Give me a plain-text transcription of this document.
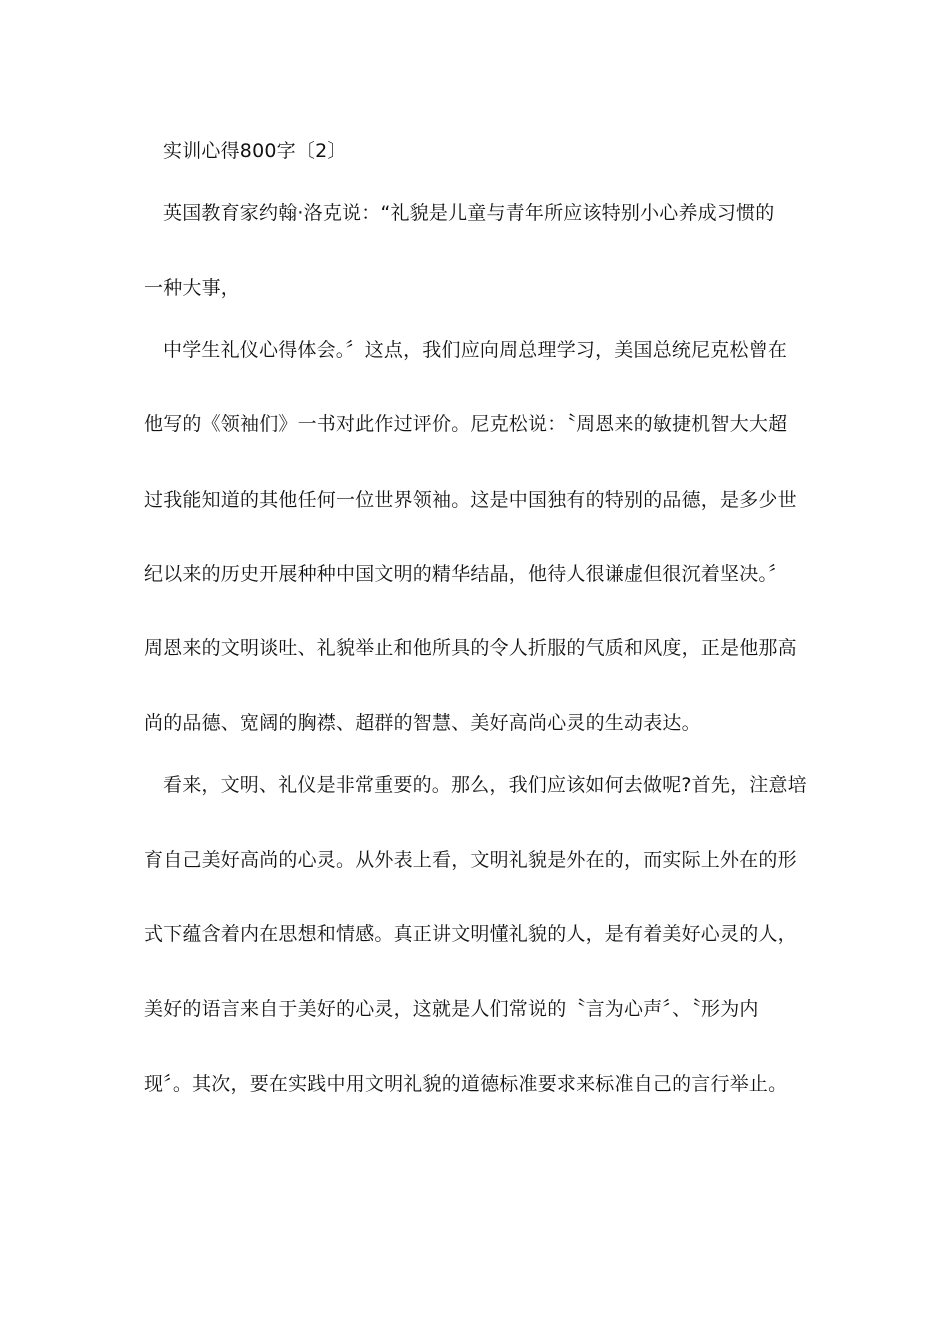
实训心得800字〔2〕
英国教育家约翰·洛克说：“礼貌是儿童与青年所应该特别小心养成习惯的
一种大事，
中学生礼仪心得体会。〞这点，我们应向周总理学习，美国总统尼克松曾在
他写的《领袖们》一书对此作过评价。尼克松说：〝周恩来的敏捷机智大大超
过我能知道的其他任何一位世界领袖。这是中国独有的特别的品德，是多少世
纪以来的历史开展种种中国文明的精华结晶，他待人很谦虚但很沉着坚决。〞
周恩来的文明谈吐、礼貌举止和他所具的令人折服的气质和风度，正是他那高
尚的品德、宽阔的胸襟、超群的智慧、美好高尚心灵的生动表达。
看来，文明、礼仪是非常重要的。那么，我们应该如何去做呢?首先，注意培
育自己美好高尚的心灵。从外表上看，文明礼貌是外在的，而实际上外在的形
式下蕴含着内在思想和情感。真正讲文明懂礼貌的人，是有着美好心灵的人，
美好的语言来自于美好的心灵，这就是人们常说的〝言为心声〞、〝形为内
现〞。其次，要在实践中用文明礼貌的道德标准要求来标准自己的言行举止。
